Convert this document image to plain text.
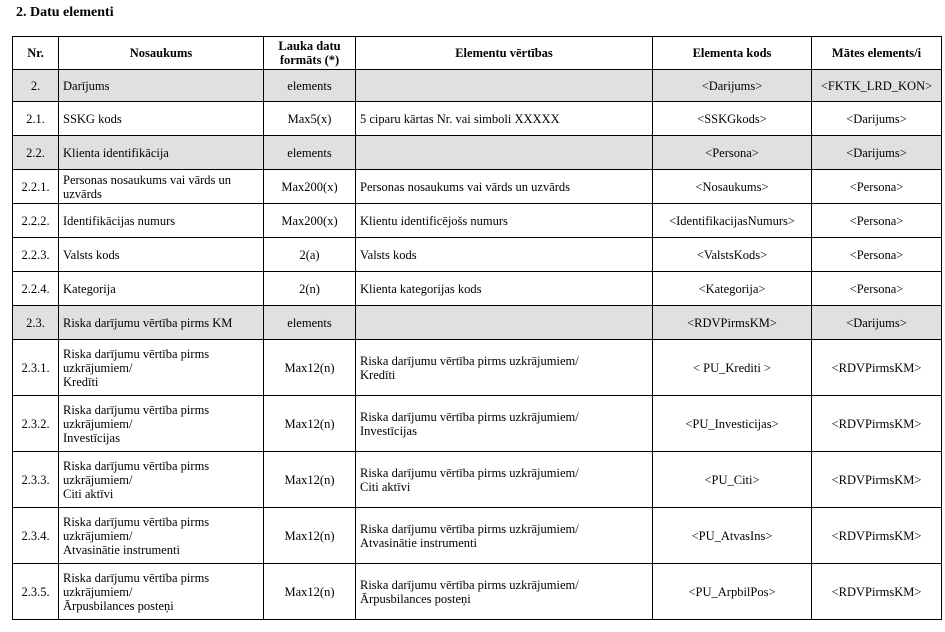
2. Datu elementi
Nr.	Nosaukums	Lauka datu
formāts (*)	Elementu vērtības	Elementa kods	Mātes elements/i
2.	Darījums	elements		<Darijums>	<FKTK_LRD_KON>
2.1.	SSKG kods	Max5(x)	5 ciparu kārtas Nr. vai simboli XXXXX	<SSKGkods>	<Darijums>
2.2.	Klienta identifikācija	elements		<Persona>	<Darijums>
2.2.1.	Personas nosaukums vai vārds un
uzvārds	Max200(x)	Personas nosaukums vai vārds un uzvārds	<Nosaukums>	<Persona>
2.2.2.	Identifikācijas numurs	Max200(x)	Klientu identificējošs numurs	<IdentifikacijasNumurs>	<Persona>
2.2.3.	Valsts kods	2(a)	Valsts kods	<ValstsKods>	<Persona>
2.2.4.	Kategorija	2(n)	Klienta kategorijas kods	<Kategorija>	<Persona>
2.3.	Riska darījumu vērtība pirms KM	elements		<RDVPirmsKM>	<Darijums>
2.3.1.	Riska darījumu vērtība pirms
uzkrājumiem/
Kredīti	Max12(n)	Riska darījumu vērtība pirms uzkrājumiem/
Kredīti	< PU_Krediti >	<RDVPirmsKM>
2.3.2.	Riska darījumu vērtība pirms
uzkrājumiem/
Investīcijas	Max12(n)	Riska darījumu vērtība pirms uzkrājumiem/
Investīcijas	<PU_Investicijas>	<RDVPirmsKM>
2.3.3.	Riska darījumu vērtība pirms
uzkrājumiem/
Citi aktīvi	Max12(n)	Riska darījumu vērtība pirms uzkrājumiem/
Citi aktīvi	<PU_Citi>	<RDVPirmsKM>
2.3.4.	Riska darījumu vērtība pirms
uzkrājumiem/
Atvasinātie instrumenti	Max12(n)	Riska darījumu vērtība pirms uzkrājumiem/
Atvasinātie instrumenti	<PU_AtvasIns>	<RDVPirmsKM>
2.3.5.	Riska darījumu vērtība pirms
uzkrājumiem/
Ārpusbilances posteņi	Max12(n)	Riska darījumu vērtība pirms uzkrājumiem/
Ārpusbilances posteņi	<PU_ArpbilPos>	<RDVPirmsKM>
